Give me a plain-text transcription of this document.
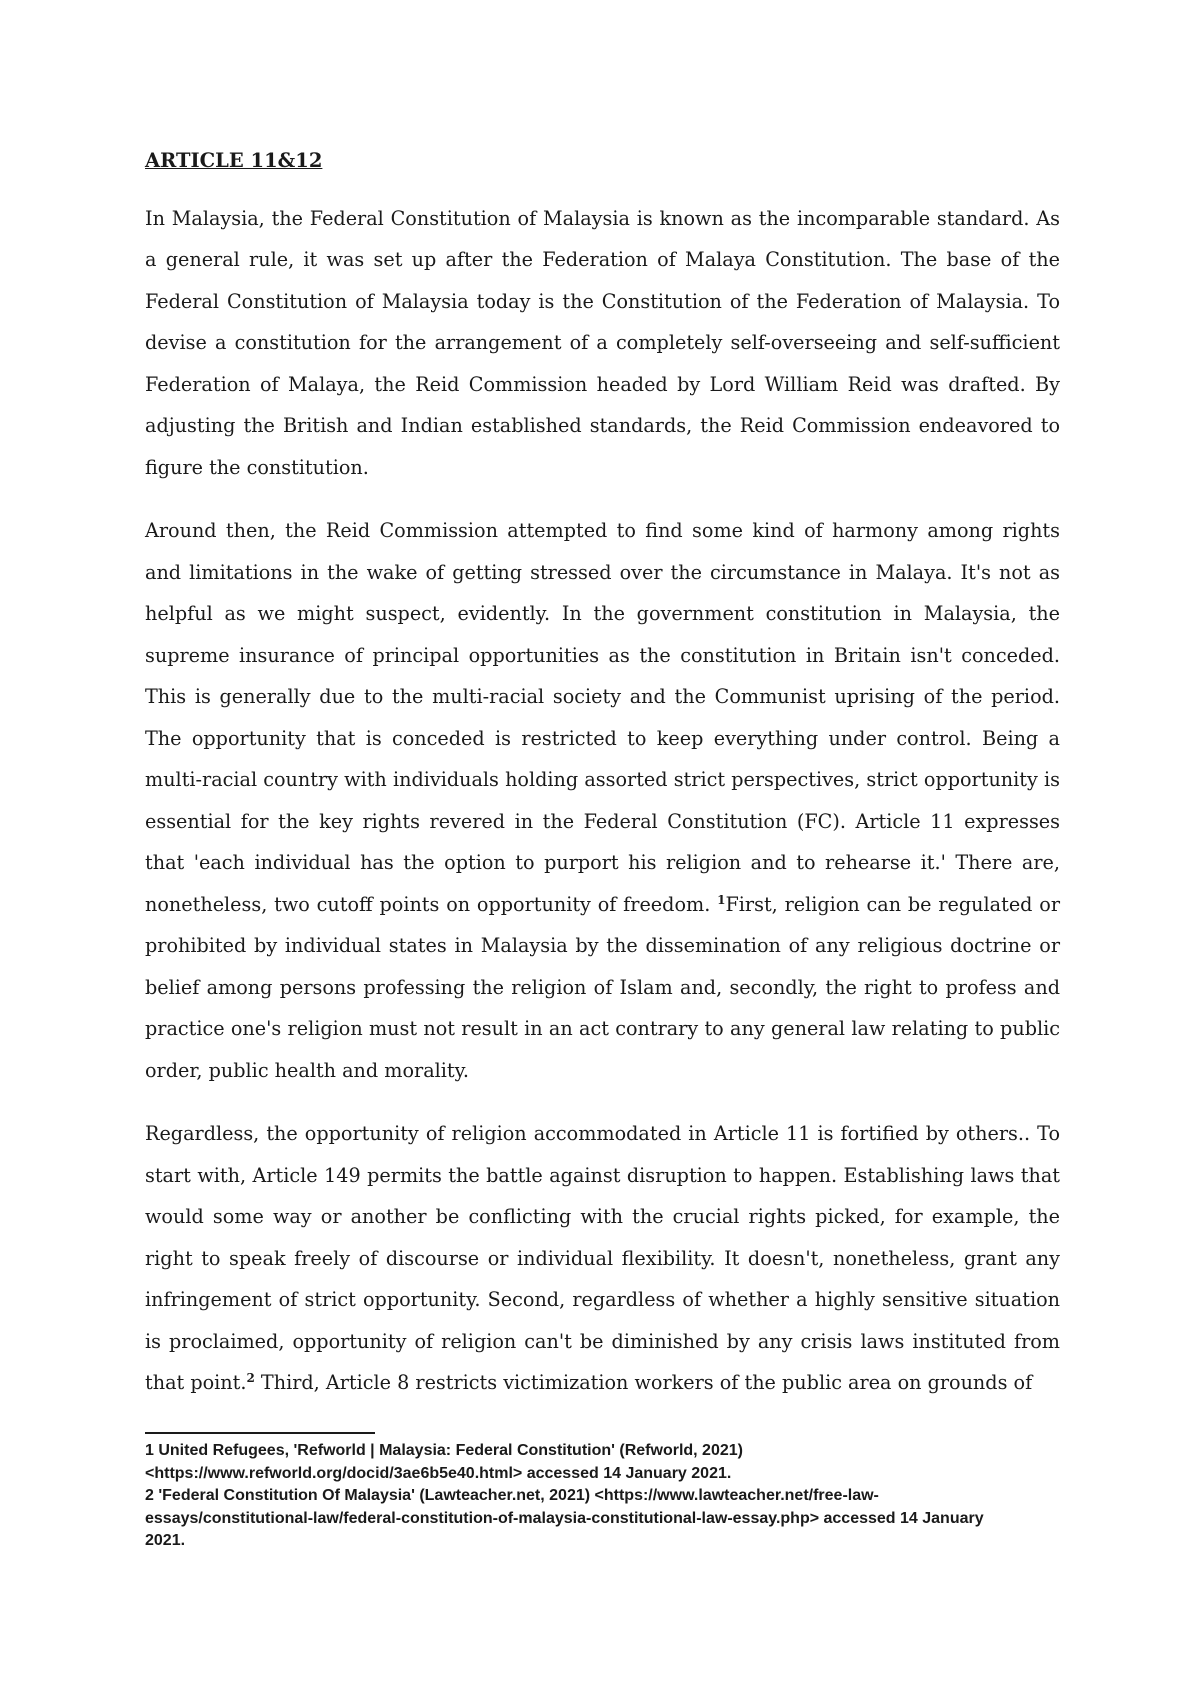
ARTICLE 11&12

In Malaysia, the Federal Constitution of Malaysia is known as the incomparable standard. As a general rule, it was set up after the Federation of Malaya Constitution. The base of the Federal Constitution of Malaysia today is the Constitution of the Federation of Malaysia. To devise a constitution for the arrangement of a completely self-overseeing and self-sufficient Federation of Malaya, the Reid Commission headed by Lord William Reid was drafted. By adjusting the British and Indian established standards, the Reid Commission endeavored to figure the constitution.

Around then, the Reid Commission attempted to find some kind of harmony among rights and limitations in the wake of getting stressed over the circumstance in Malaya. It's not as helpful as we might suspect, evidently. In the government constitution in Malaysia, the supreme insurance of principal opportunities as the constitution in Britain isn't conceded. This is generally due to the multi-racial society and the Communist uprising of the period. The opportunity that is conceded is restricted to keep everything under control. Being a multi-racial country with individuals holding assorted strict perspectives, strict opportunity is essential for the key rights revered in the Federal Constitution (FC). Article 11 expresses that 'each individual has the option to purport his religion and to rehearse it.' There are, nonetheless, two cutoff points on opportunity of freedom. $^1$First, religion can be regulated or prohibited by individual states in Malaysia by the dissemination of any religious doctrine or belief among persons professing the religion of Islam and, secondly, the right to profess and practice one's religion must not result in an act contrary to any general law relating to public order, public health and morality.

Regardless, the opportunity of religion accommodated in Article 11 is fortified by others.. To start with, Article 149 permits the battle against disruption to happen. Establishing laws that would some way or another be conflicting with the crucial rights picked, for example, the right to speak freely of discourse or individual flexibility. It doesn't, nonetheless, grant any infringement of strict opportunity. Second, regardless of whether a highly sensitive situation is proclaimed, opportunity of religion can't be diminished by any crisis laws instituted from that point.$^2$ Third, Article 8 restricts victimization workers of the public area on grounds of

1 United Refugees, 'Refworld | Malaysia: Federal Constitution' (Refworld, 2021)

<https://www.refworld.org/docid/3ae6b5e40.html> accessed 14 January 2021.

2 'Federal Constitution Of Malaysia' (Lawteacher.net, 2021) <https://www.lawteacher.net/free-law-

essays/constitutional-law/federal-constitution-of-malaysia-constitutional-law-essay.php> accessed 14 January

2021.
